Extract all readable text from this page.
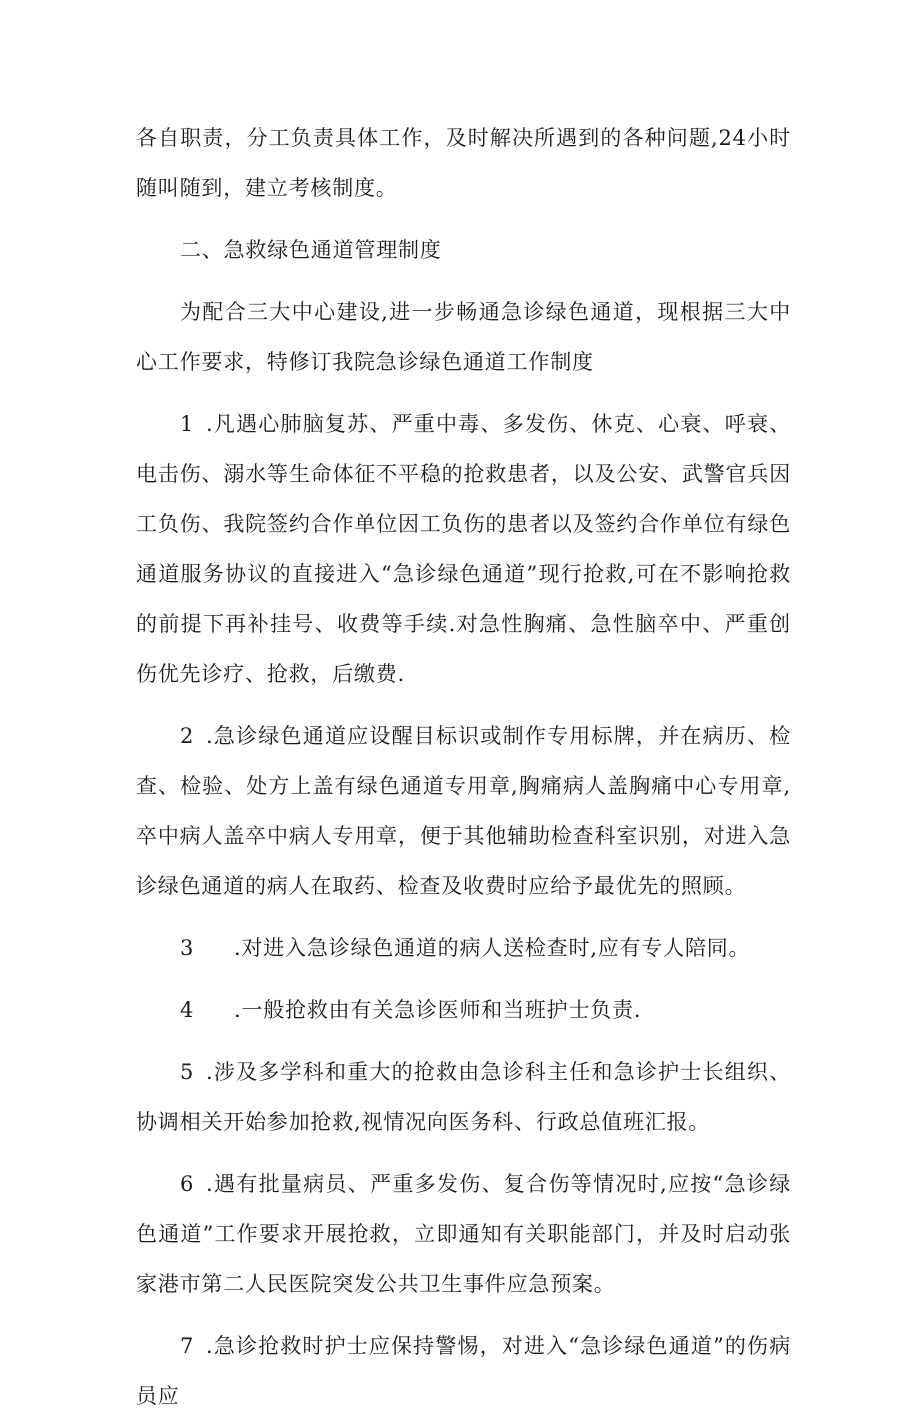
各自职责，分工负责具体工作，及时解决所遇到的各种问题,24小时随叫随到，建立考核制度。

二、急救绿色通道管理制度

为配合三大中心建设,进一步畅通急诊绿色通道，现根据三大中心工作要求，特修订我院急诊绿色通道工作制度

1 .凡遇心肺脑复苏、严重中毒、多发伤、休克、心衰、呼衰、电击伤、溺水等生命体征不平稳的抢救患者，以及公安、武警官兵因工负伤、我院签约合作单位因工负伤的患者以及签约合作单位有绿色通道服务协议的直接进入“急诊绿色通道”现行抢救,可在不影响抢救的前提下再补挂号、收费等手续.对急性胸痛、急性脑卒中、严重创伤优先诊疗、抢救，后缴费.

2 .急诊绿色通道应设醒目标识或制作专用标牌，并在病历、检查、检验、处方上盖有绿色通道专用章,胸痛病人盖胸痛中心专用章,卒中病人盖卒中病人专用章，便于其他辅助检查科室识别，对进入急诊绿色通道的病人在取药、检查及收费时应给予最优先的照顾。

3 .对进入急诊绿色通道的病人送检查时,应有专人陪同。

4 .一般抢救由有关急诊医师和当班护士负责.

5 .涉及多学科和重大的抢救由急诊科主任和急诊护士长组织、协调相关开始参加抢救,视情况向医务科、行政总值班汇报。

6 .遇有批量病员、严重多发伤、复合伤等情况时,应按“急诊绿色通道”工作要求开展抢救，立即通知有关职能部门，并及时启动张家港市第二人民医院突发公共卫生事件应急预案。

7 .急诊抢救时护士应保持警惕，对进入“急诊绿色通道”的伤病员应
